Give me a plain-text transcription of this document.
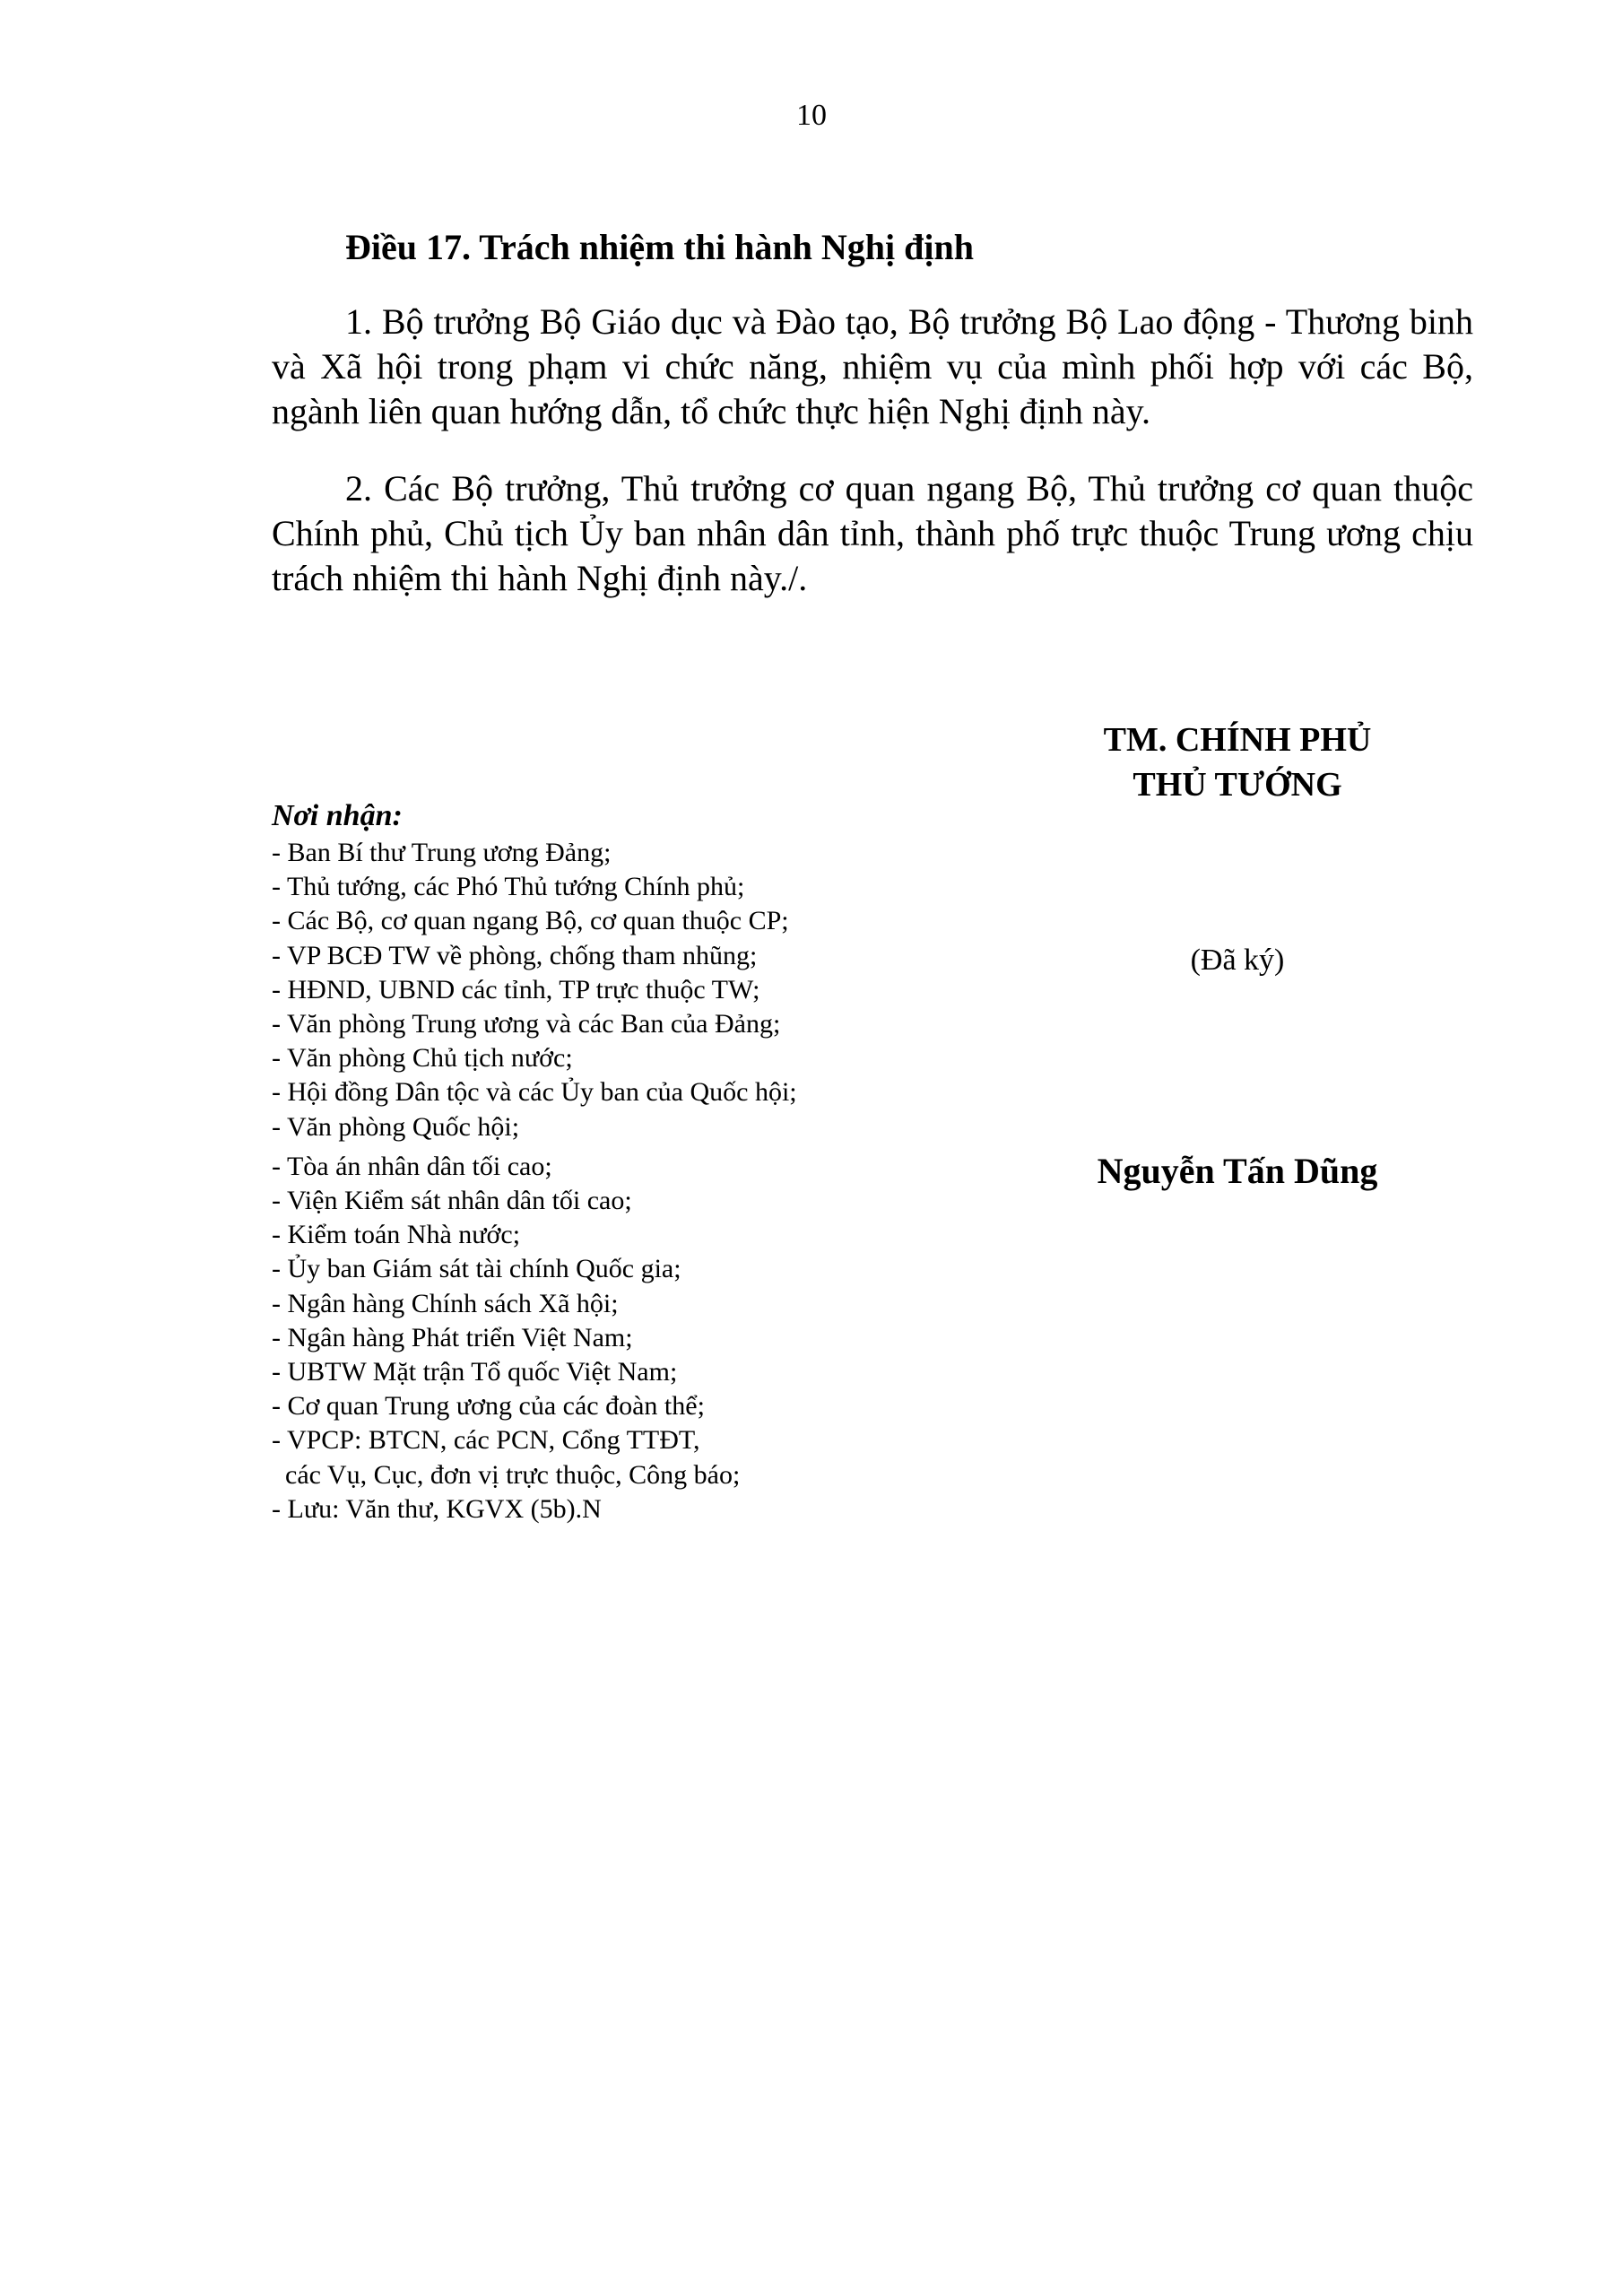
10
Điều 17. Trách nhiệm thi hành Nghị định

1. Bộ trưởng Bộ Giáo dục và Đào tạo, Bộ trưởng Bộ Lao động - Thương binh và Xã hội trong phạm vi chức năng, nhiệm vụ của mình phối hợp với các Bộ, ngành liên quan hướng dẫn, tổ chức thực hiện Nghị định này.

2. Các Bộ trưởng, Thủ trưởng cơ quan ngang Bộ, Thủ trưởng cơ quan thuộc Chính phủ, Chủ tịch Ủy ban nhân dân tỉnh, thành phố trực thuộc Trung ương chịu trách nhiệm thi hành Nghị định này./.

TM. CHÍNH PHỦ
THỦ TƯỚNG
(Đã ký)
Nguyễn Tấn Dũng
Nơi nhận:
- Ban Bí thư Trung ương Đảng;
- Thủ tướng, các Phó Thủ tướng Chính phủ;
- Các Bộ, cơ quan ngang Bộ, cơ quan thuộc CP;
- VP BCĐ TW về phòng, chống tham nhũng;
- HĐND, UBND các tỉnh, TP trực thuộc TW;
- Văn phòng Trung ương và các Ban của Đảng;
- Văn phòng Chủ tịch nước;
- Hội đồng Dân tộc và các Ủy ban của Quốc hội;
- Văn phòng Quốc hội;
- Tòa án nhân dân tối cao;
- Viện Kiểm sát nhân dân tối cao;
- Kiểm toán Nhà nước;
- Ủy ban Giám sát tài chính Quốc gia;
- Ngân hàng Chính sách Xã hội;
- Ngân hàng Phát triển Việt Nam;
- UBTW Mặt trận Tổ quốc Việt Nam;
- Cơ quan Trung ương của các đoàn thể;
- VPCP: BTCN, các PCN, Cổng TTĐT,
các Vụ, Cục, đơn vị trực thuộc, Công báo;
- Lưu: Văn thư, KGVX (5b).N
